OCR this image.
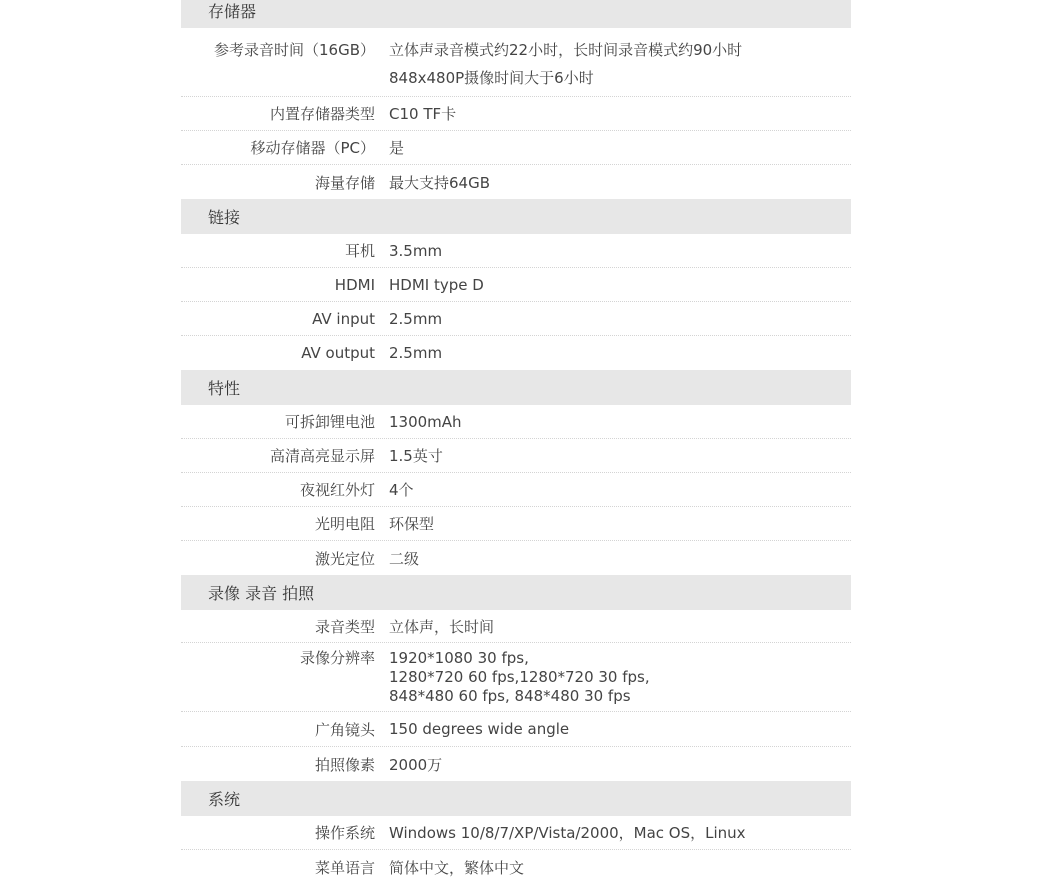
存储器
参考录音时间（16GB） 立体声录音模式约22小时，长时间录音模式约90小时
848x480P摄像时间大于6小时
内置存储器类型 C10 TF卡
移动存储器（PC） 是
海量存储 最大支持64GB
链接
耳机 3.5mm
HDMI HDMI type D
AV input 2.5mm
AV output 2.5mm
特性
可拆卸锂电池 1300mAh
高清高亮显示屏 1.5英寸
夜视红外灯 4个
光明电阻 环保型
激光定位 二级
录像 录音 拍照
录音类型 立体声，长时间
录像分辨率 1920*1080 30 fps,
1280*720 60 fps,1280*720 30 fps,
848*480 60 fps, 848*480 30 fps
广角镜头 150 degrees wide angle
拍照像素 2000万
系统
操作系统 Windows 10/8/7/XP/Vista/2000，Mac OS，Linux
菜单语言 简体中文，繁体中文
